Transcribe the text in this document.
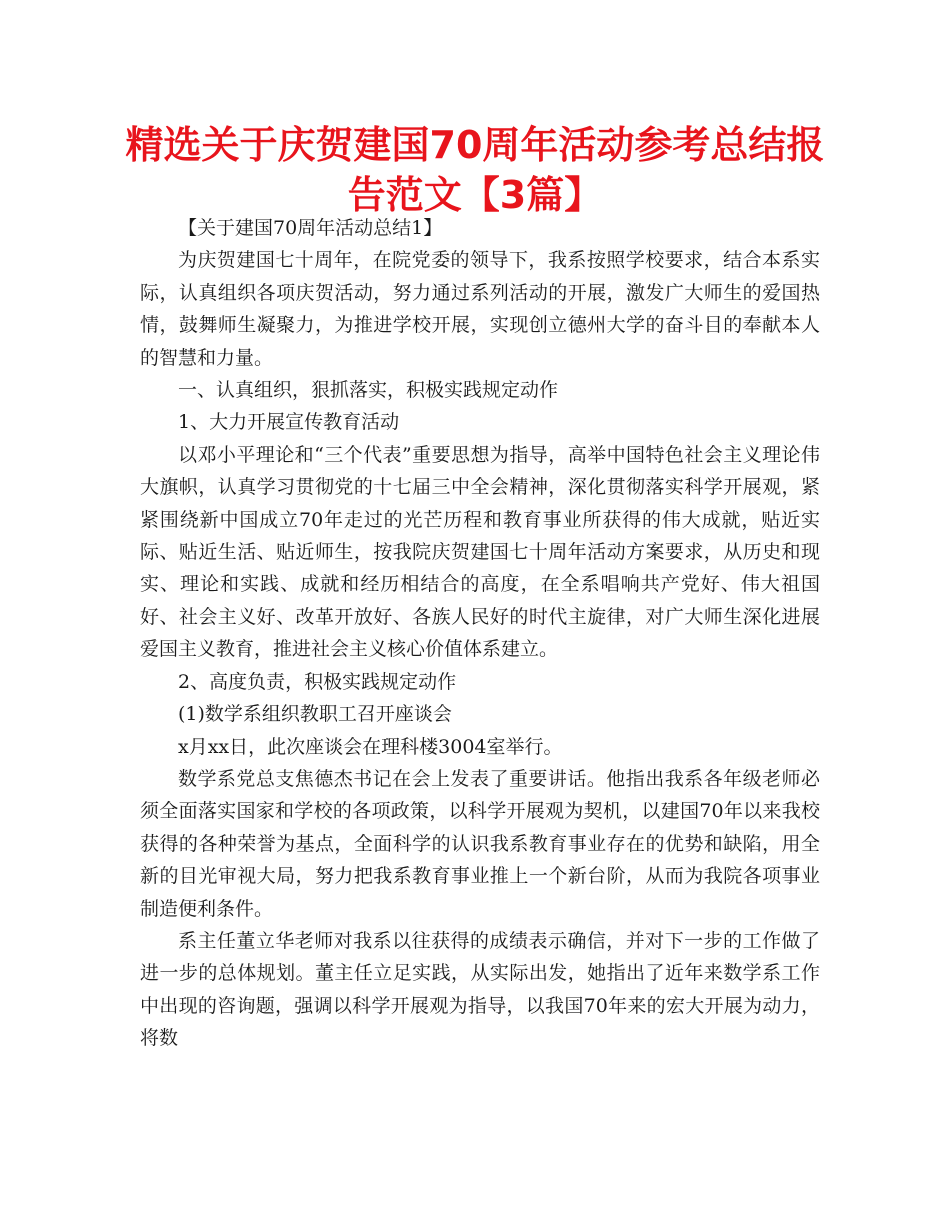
精选关于庆贺建国70周年活动参考总结报告范文【3篇】

【关于建国70周年活动总结1】

为庆贺建国七十周年，在院党委的领导下，我系按照学校要求，结合本系实际，认真组织各项庆贺活动，努力通过系列活动的开展，激发广大师生的爱国热情，鼓舞师生凝聚力，为推进学校开展，实现创立德州大学的奋斗目的奉献本人的智慧和力量。

一、认真组织，狠抓落实，积极实践规定动作

1、大力开展宣传教育活动

以邓小平理论和“三个代表”重要思想为指导，高举中国特色社会主义理论伟大旗帜，认真学习贯彻党的十七届三中全会精神，深化贯彻落实科学开展观，紧紧围绕新中国成立70年走过的光芒历程和教育事业所获得的伟大成就，贴近实际、贴近生活、贴近师生，按我院庆贺建国七十周年活动方案要求，从历史和现实、理论和实践、成就和经历相结合的高度，在全系唱响共产党好、伟大祖国好、社会主义好、改革开放好、各族人民好的时代主旋律，对广大师生深化进展爱国主义教育，推进社会主义核心价值体系建立。

2、高度负责，积极实践规定动作

(1)数学系组织教职工召开座谈会

x月xx日，此次座谈会在理科楼3004室举行。

数学系党总支焦德杰书记在会上发表了重要讲话。他指出我系各年级老师必须全面落实国家和学校的各项政策，以科学开展观为契机，以建国70年以来我校获得的各种荣誉为基点，全面科学的认识我系教育事业存在的优势和缺陷，用全新的目光审视大局，努力把我系教育事业推上一个新台阶，从而为我院各项事业制造便利条件。

系主任董立华老师对我系以往获得的成绩表示确信，并对下一步的工作做了进一步的总体规划。董主任立足实践，从实际出发，她指出了近年来数学系工作中出现的咨询题，强调以科学开展观为指导，以我国70年来的宏大开展为动力，将数
